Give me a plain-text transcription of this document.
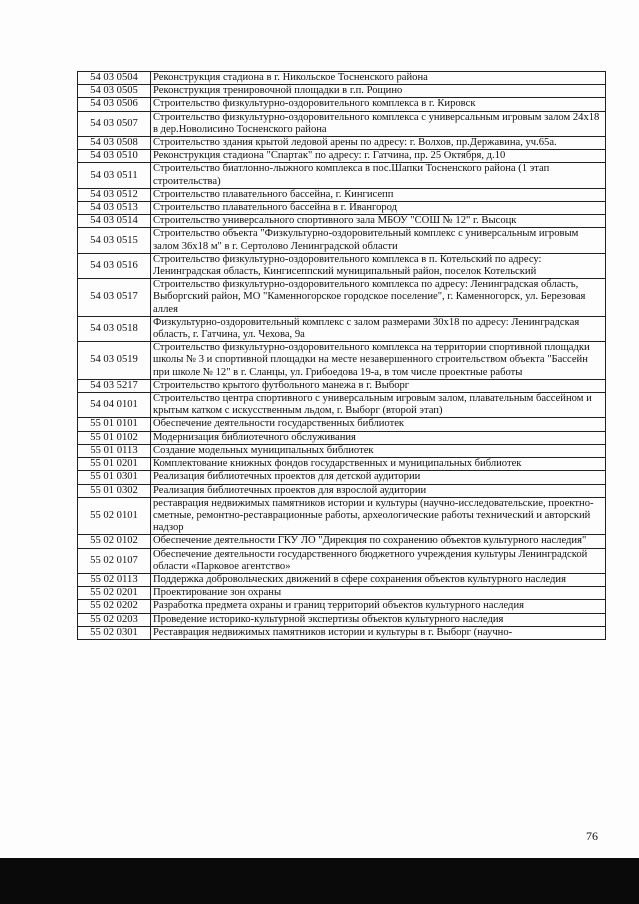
54 03 0504	Реконструкция стадиона в г. Никольское Тосненского района
54 03 0505	Реконструкция тренировочной площадки в г.п. Рощино
54 03 0506	Строительство физкультурно-оздоровительного комплекса в г. Кировск
54 03 0507	Строительство физкультурно-оздоровительного комплекса с универсальным игровым залом 24x18 в дер.Новолисино Тосненского района
54 03 0508	Строительство здания крытой ледовой арены по адресу: г. Волхов, пр.Державина, уч.65а.
54 03 0510	Реконструкция стадиона "Спартак" по адресу: г. Гатчина, пр. 25 Октября, д.10
54 03 0511	Строительство биатлонно-лыжного комплекса в пос.Шапки Тосненского района (1 этап строительства)
54 03 0512	Строительство плавательного бассейна, г. Кингисепп
54 03 0513	Строительство плавательного бассейна в г. Ивангород
54 03 0514	Строительство универсального спортивного зала МБОУ "СОШ № 12" г. Высоцк
54 03 0515	Строительство объекта "Физкультурно-оздоровительный комплекс с универсальным игровым залом 36x18 м" в г. Сертолово Ленинградской области
54 03 0516	Строительство физкультурно-оздоровительного комплекса в п. Котельский по адресу: Ленинградская область, Кингисеппский муниципальный район, поселок Котельский
54 03 0517	Строительство физкультурно-оздоровительного комплекса по адресу: Ленинградская область, Выборгский район, МО "Каменногорское городское поселение", г. Каменногорск, ул. Березовая аллея
54 03 0518	Физкультурно-оздоровительный комплекс с залом размерами 30x18 по адресу: Ленинградская область, г. Гатчина, ул. Чехова, 9а
54 03 0519	Строительство физкультурно-оздоровительного комплекса на территории спортивной площадки школы № 3 и спортивной площадки на месте незавершенного строительством объекта "Бассейн при школе № 12" в г. Сланцы, ул. Грибоедова 19-а, в том числе проектные работы
54 03 5217	Строительство крытого футбольного манежа в г. Выборг
54 04 0101	Строительство центра спортивного с универсальным игровым залом, плавательным бассейном и крытым катком с искусственным льдом, г. Выборг (второй этап)
55 01 0101	Обеспечение деятельности государственных библиотек
55 01 0102	Модернизация библиотечного обслуживания
55 01 0113	Создание модельных муниципальных библиотек
55 01 0201	Комплектование книжных фондов государственных и муниципальных библиотек
55 01 0301	Реализация библиотечных проектов для детской аудитории
55 01 0302	Реализация библиотечных проектов для взрослой аудитории
55 02 0101	реставрация недвижимых памятников истории и культуры (научно-исследовательские, проектно-сметные, ремонтно-реставрационные работы, археологические работы технический и авторский надзор
55 02 0102	Обеспечение деятельности ГКУ ЛО "Дирекция по сохранению объектов культурного наследия"
55 02 0107	Обеспечение деятельности государственного бюджетного учреждения культуры Ленинградской области «Парковое агентство»
55 02 0113	Поддержка добровольческих движений в сфере сохранения объектов культурного наследия
55 02 0201	Проектирование зон охраны
55 02 0202	Разработка предмета охраны и границ территорий объектов культурного наследия
55 02 0203	Проведение историко-культурной экспертизы объектов культурного наследия
55 02 0301	Реставрация недвижимых памятников истории и культуры в г. Выборг (научно-
76
